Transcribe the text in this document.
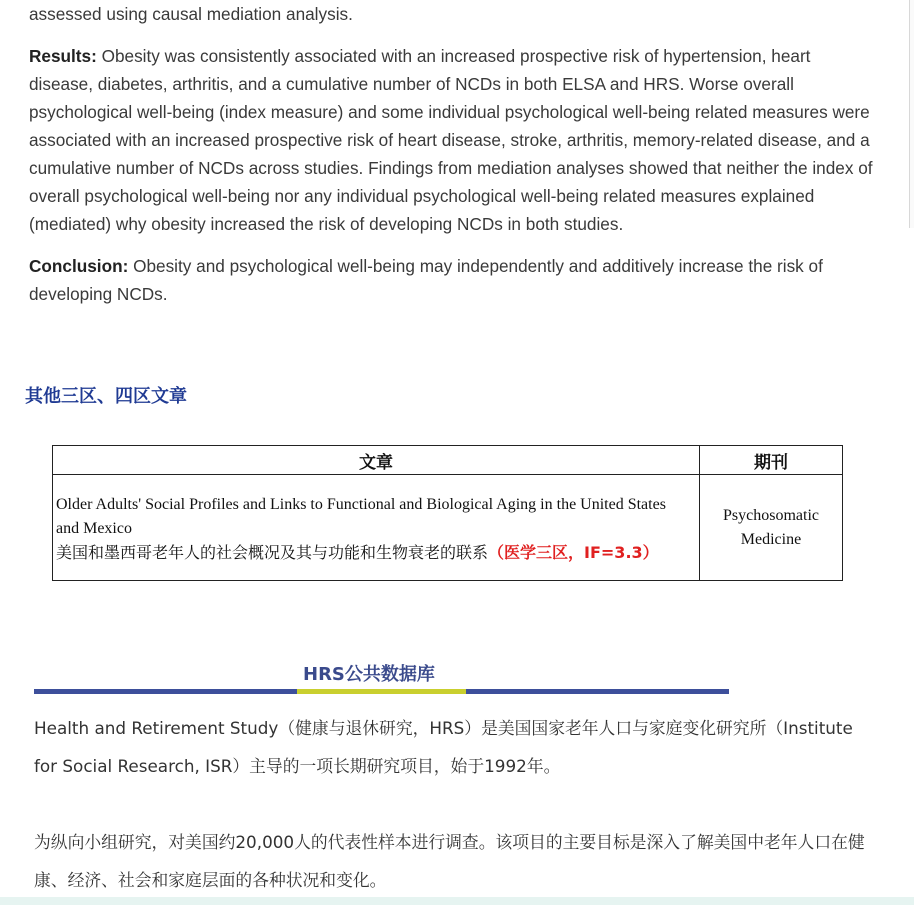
assessed using causal mediation analysis.

Results: Obesity was consistently associated with an increased prospective risk of hypertension, heart disease, diabetes, arthritis, and a cumulative number of NCDs in both ELSA and HRS. Worse overall psychological well-being (index measure) and some individual psychological well-being related measures were associated with an increased prospective risk of heart disease, stroke, arthritis, memory-related disease, and a cumulative number of NCDs across studies. Findings from mediation analyses showed that neither the index of overall psychological well-being nor any individual psychological well-being related measures explained (mediated) why obesity increased the risk of developing NCDs in both studies.

Conclusion: Obesity and psychological well-being may independently and additively increase the risk of developing NCDs.

其他三区、四区文章
文章	期刊
Older Adults' Social Profiles and Links to Functional and Biological Aging in the United States and Mexico
美国和墨西哥老年人的社会概况及其与功能和生物衰老的联系（医学三区，IF=3.3）	Psychosomatic Medicine
HRS公共数据库

Health and Retirement Study（健康与退休研究，HRS）是美国国家老年人口与家庭变化研究所（Institute for Social Research, ISR）主导的一项长期研究项目，始于1992年。

为纵向小组研究，对美国约20,000人的代表性样本进行调查。该项目的主要目标是深入了解美国中老年人口在健康、经济、社会和家庭层面的各种状况和变化。
